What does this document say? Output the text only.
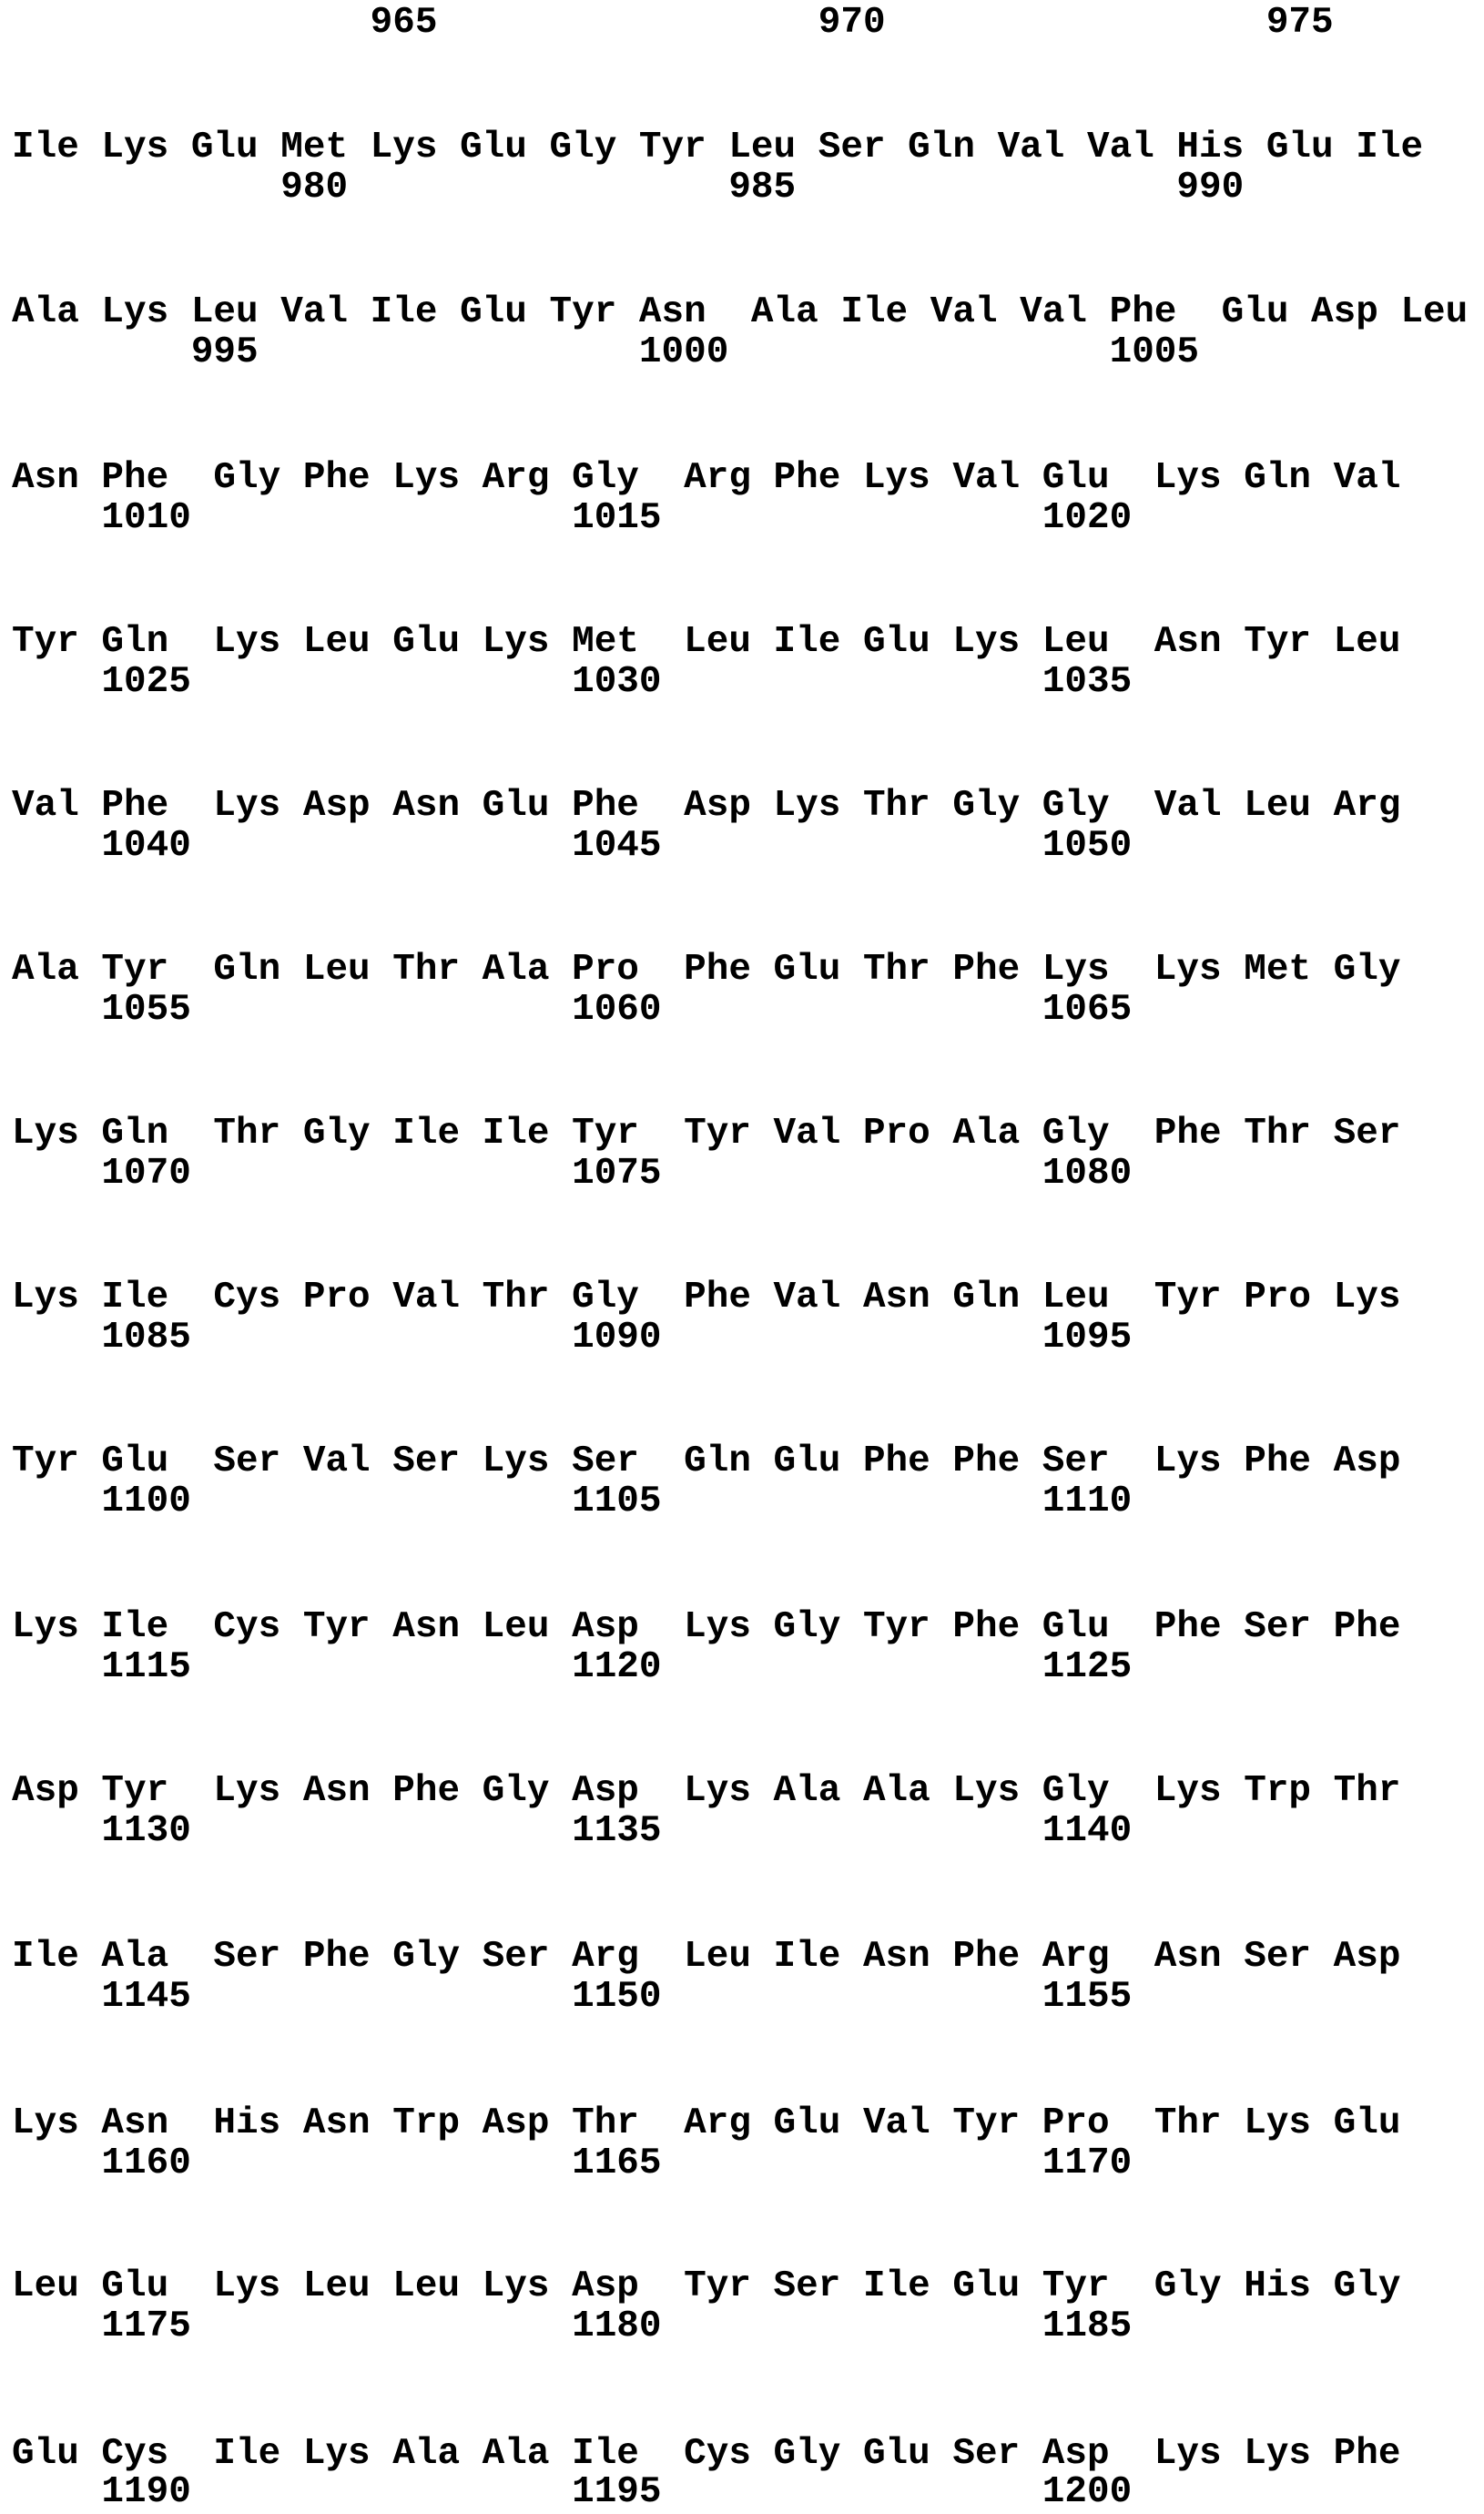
965                 970                 975
Ile Lys Glu Met Lys Glu Gly Tyr Leu Ser Gln Val Val His Glu Ile
980                 985                 990
Ala Lys Leu Val Ile Glu Tyr Asn  Ala Ile Val Val Phe  Glu Asp Leu
995                 1000                 1005
Asn Phe  Gly Phe Lys Arg Gly  Arg Phe Lys Val Glu  Lys Gln Val
1010                 1015                 1020
Tyr Gln  Lys Leu Glu Lys Met  Leu Ile Glu Lys Leu  Asn Tyr Leu
1025                 1030                 1035
Val Phe  Lys Asp Asn Glu Phe  Asp Lys Thr Gly Gly  Val Leu Arg
1040                 1045                 1050
Ala Tyr  Gln Leu Thr Ala Pro  Phe Glu Thr Phe Lys  Lys Met Gly
1055                 1060                 1065
Lys Gln  Thr Gly Ile Ile Tyr  Tyr Val Pro Ala Gly  Phe Thr Ser
1070                 1075                 1080
Lys Ile  Cys Pro Val Thr Gly  Phe Val Asn Gln Leu  Tyr Pro Lys
1085                 1090                 1095
Tyr Glu  Ser Val Ser Lys Ser  Gln Glu Phe Phe Ser  Lys Phe Asp
1100                 1105                 1110
Lys Ile  Cys Tyr Asn Leu Asp  Lys Gly Tyr Phe Glu  Phe Ser Phe
1115                 1120                 1125
Asp Tyr  Lys Asn Phe Gly Asp  Lys Ala Ala Lys Gly  Lys Trp Thr
1130                 1135                 1140
Ile Ala  Ser Phe Gly Ser Arg  Leu Ile Asn Phe Arg  Asn Ser Asp
1145                 1150                 1155
Lys Asn  His Asn Trp Asp Thr  Arg Glu Val Tyr Pro  Thr Lys Glu
1160                 1165                 1170
Leu Glu  Lys Leu Leu Lys Asp  Tyr Ser Ile Glu Tyr  Gly His Gly
1175                 1180                 1185
Glu Cys  Ile Lys Ala Ala Ile  Cys Gly Glu Ser Asp  Lys Lys Phe
1190                 1195                 1200
